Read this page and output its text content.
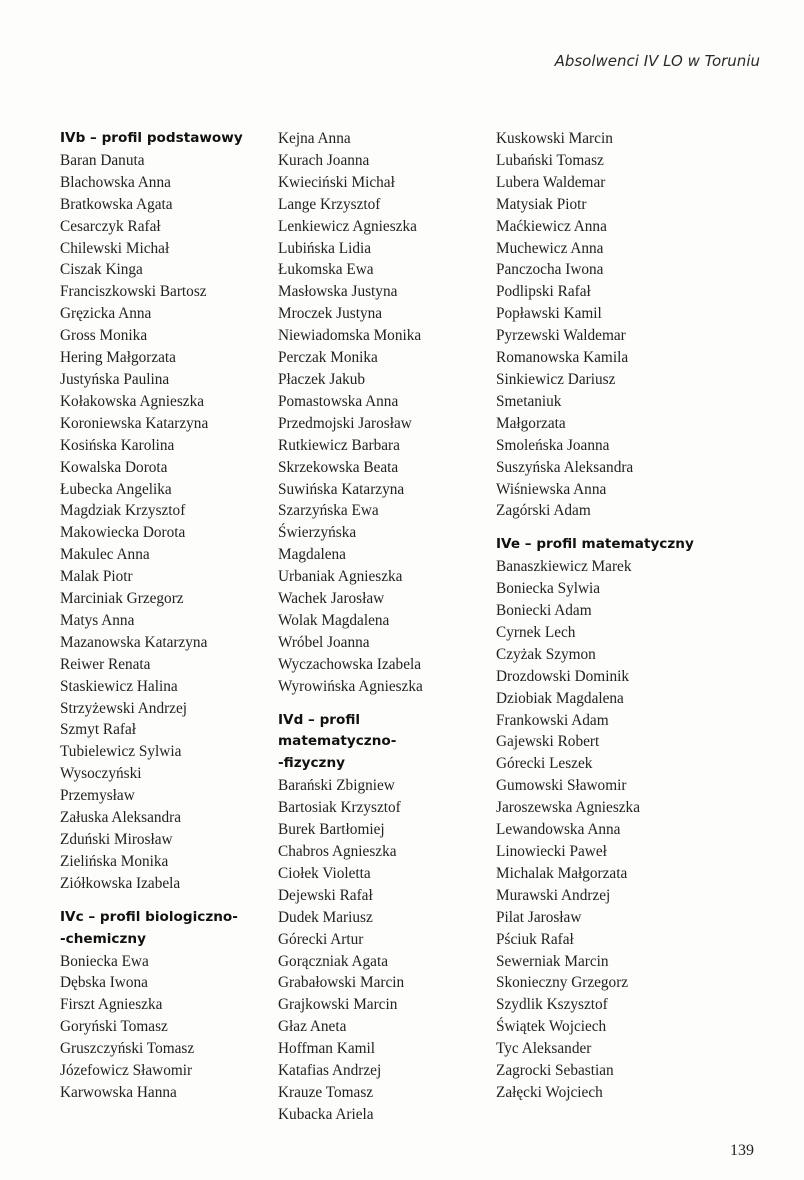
Absolwenci IV LO w Toruniu
IVb – profil podstawowy
Baran Danuta
Blachowska Anna
Bratkowska Agata
Cesarczyk Rafał
Chilewski Michał
Ciszak Kinga
Franciszkowski Bartosz
Gręzicka Anna
Gross Monika
Hering Małgorzata
Justyńska Paulina
Kołakowska Agnieszka
Koroniewska Katarzyna
Kosińska Karolina
Kowalska Dorota
Łubecka Angelika
Magdziak Krzysztof
Makowiecka Dorota
Makulec Anna
Malak Piotr
Marciniak Grzegorz
Matys Anna
Mazanowska Katarzyna
Reiwer Renata
Staskiewicz Halina
Strzyżewski Andrzej
Szmyt Rafał
Tubielewicz Sylwia
Wysoczyński
Przemysław
Załuska Aleksandra
Zduński Mirosław
Zielińska Monika
Ziółkowska Izabela
IVc – profil biologiczno-
-chemiczny
Boniecka Ewa
Dębska Iwona
Firszt Agnieszka
Goryński Tomasz
Gruszczyński Tomasz
Józefowicz Sławomir
Karwowska Hanna
Kejna Anna
Kurach Joanna
Kwieciński Michał
Lange Krzysztof
Lenkiewicz Agnieszka
Lubińska Lidia
Łukomska Ewa
Masłowska Justyna
Mroczek Justyna
Niewiadomska Monika
Perczak Monika
Płaczek Jakub
Pomastowska Anna
Przedmojski Jarosław
Rutkiewicz Barbara
Skrzekowska Beata
Suwińska Katarzyna
Szarzyńska Ewa
Świerzyńska
Magdalena
Urbaniak Agnieszka
Wachek Jarosław
Wolak Magdalena
Wróbel Joanna
Wyczachowska Izabela
Wyrowińska Agnieszka
IVd – profil matematyczno-
-fizyczny
Barański Zbigniew
Bartosiak Krzysztof
Burek Bartłomiej
Chabros Agnieszka
Ciołek Violetta
Dejewski Rafał
Dudek Mariusz
Górecki Artur
Gorączniak Agata
Grabałowski Marcin
Grajkowski Marcin
Głaz Aneta
Hoffman Kamil
Katafias Andrzej
Krauze Tomasz
Kubacka Ariela
Kuskowski Marcin
Lubański Tomasz
Lubera Waldemar
Matysiak Piotr
Maćkiewicz Anna
Muchewicz Anna
Panczocha Iwona
Podlipski Rafał
Popławski Kamil
Pyrzewski Waldemar
Romanowska Kamila
Sinkiewicz Dariusz
Smetaniuk
Małgorzata
Smoleńska Joanna
Suszyńska Aleksandra
Wiśniewska Anna
Zagórski Adam
IVe – profil matematyczny
Banaszkiewicz Marek
Boniecka Sylwia
Boniecki Adam
Cyrnek Lech
Czyżak Szymon
Drozdowski Dominik
Dziobiak Magdalena
Frankowski Adam
Gajewski Robert
Górecki Leszek
Gumowski Sławomir
Jaroszewska Agnieszka
Lewandowska Anna
Linowiecki Paweł
Michalak Małgorzata
Murawski Andrzej
Pilat Jarosław
Pściuk Rafał
Sewerniak Marcin
Skonieczny Grzegorz
Szydlik Kszysztof
Świątek Wojciech
Tyc Aleksander
Zagrocki Sebastian
Załęcki Wojciech
139
